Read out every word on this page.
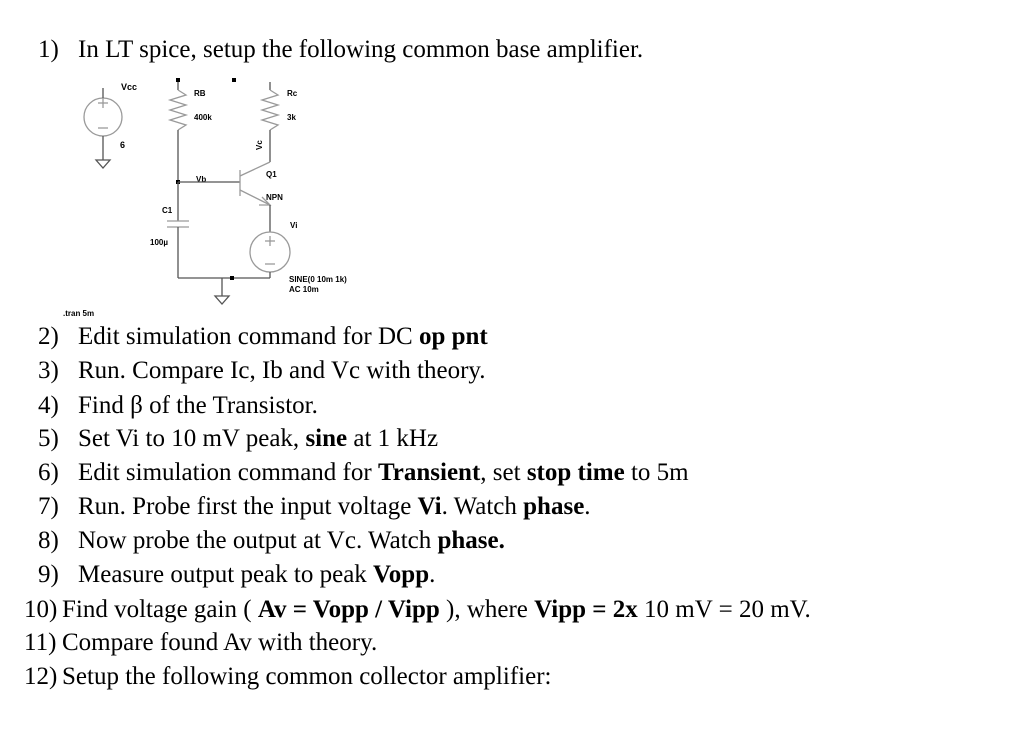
1) In LT spice, setup the following common base amplifier.
2) Edit simulation command for DC op pnt
3) Run. Compare Ic, Ib and Vc with theory.
4) Find β of the Transistor.
5) Set Vi to 10 mV peak, sine at 1 kHz
6) Edit simulation command for Transient, set stop time to 5m
7) Run. Probe first the input voltage Vi. Watch phase.
8) Now probe the output at Vc. Watch phase.
9) Measure output peak to peak Vopp.
10) Find voltage gain ( Av = Vopp / Vipp ), where Vipp = 2x 10 mV = 20 mV.
11) Compare found Av with theory.
12) Setup the following common collector amplifier:
Vcc
6
RB
400k
Rc
3k
Vc
Vb
Q1
NPN
C1
100µ
Vi
SINE(0 10m 1k)
AC 10m
.tran 5m
